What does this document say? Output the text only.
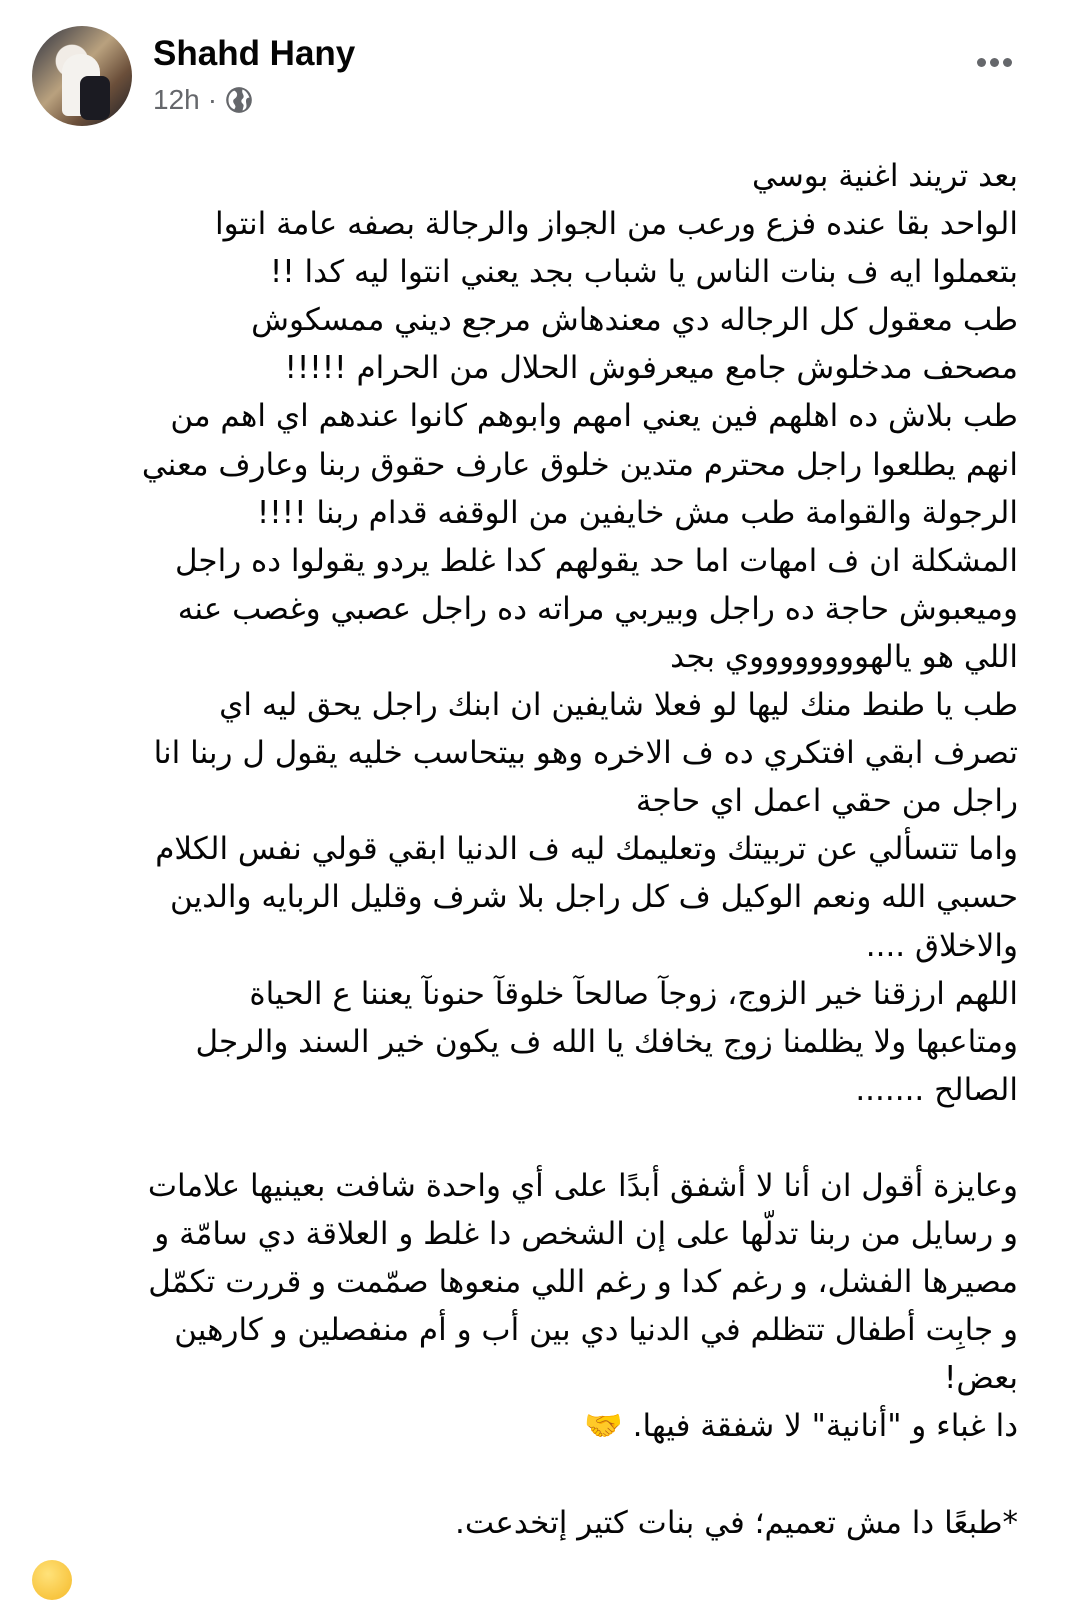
Shahd Hany
12h ·
بعد تريند اغنية بوسي
الواحد بقا عنده فزع ورعب من الجواز والرجالة بصفه عامة انتوا
بتعملوا ايه ف بنات الناس يا شباب بجد يعني انتوا ليه كدا !!
طب معقول كل الرجاله دي معندهاش مرجع ديني ممسكوش
مصحف مدخلوش جامع ميعرفوش الحلال من الحرام !!!!!
طب بلاش ده اهلهم فين يعني امهم وابوهم كانوا عندهم اي اهم من
انهم يطلعوا راجل محترم متدين خلوق عارف حقوق ربنا وعارف معني
الرجولة والقوامة طب مش خايفين من الوقفه قدام ربنا !!!!
المشكلة ان ف امهات اما حد يقولهم كدا غلط يردو يقولوا ده راجل
وميعبوش حاجة ده راجل وبيربي مراته ده راجل عصبي وغصب عنه
اللي هو يالهووووووووي بجد
طب يا طنط منك ليها لو فعلا شايفين ان ابنك راجل يحق ليه اي
تصرف ابقي افتكري ده ف الاخره وهو بيتحاسب خليه يقول ل ربنا انا
راجل من حقي اعمل اي حاجة
واما تتسألي عن تربيتك وتعليمك ليه ف الدنيا ابقي قولي نفس الكلام
حسبي الله ونعم الوكيل ف كل راجل بلا شرف وقليل الربايه والدين
والاخلاق ....
اللهم ارزقنا خير الزوج، زوجآ صالحآ خلوقآ حنونآ يعننا ع الحياة
ومتاعبها ولا يظلمنا زوج يخافك يا الله ف يكون خير السند والرجل
الصالح .......
وعايزة أقول ان أنا لا أشفق أبدًا على أي واحدة شافت بعينيها علامات
و رسايل من ربنا تدلّها على إن الشخص دا غلط و العلاقة دي سامّة و
مصيرها الفشل، و رغم كدا و رغم اللي منعوها صمّمت و قررت تكمّل
و جابِت أطفال تتظلم في الدنيا دي بين أب و أم منفصلين و كارهين
بعض!
دا غباء و "أنانية" لا شفقة فيها. 🤝
*طبعًا دا مش تعميم؛ في بنات كتير إتخدعت.
